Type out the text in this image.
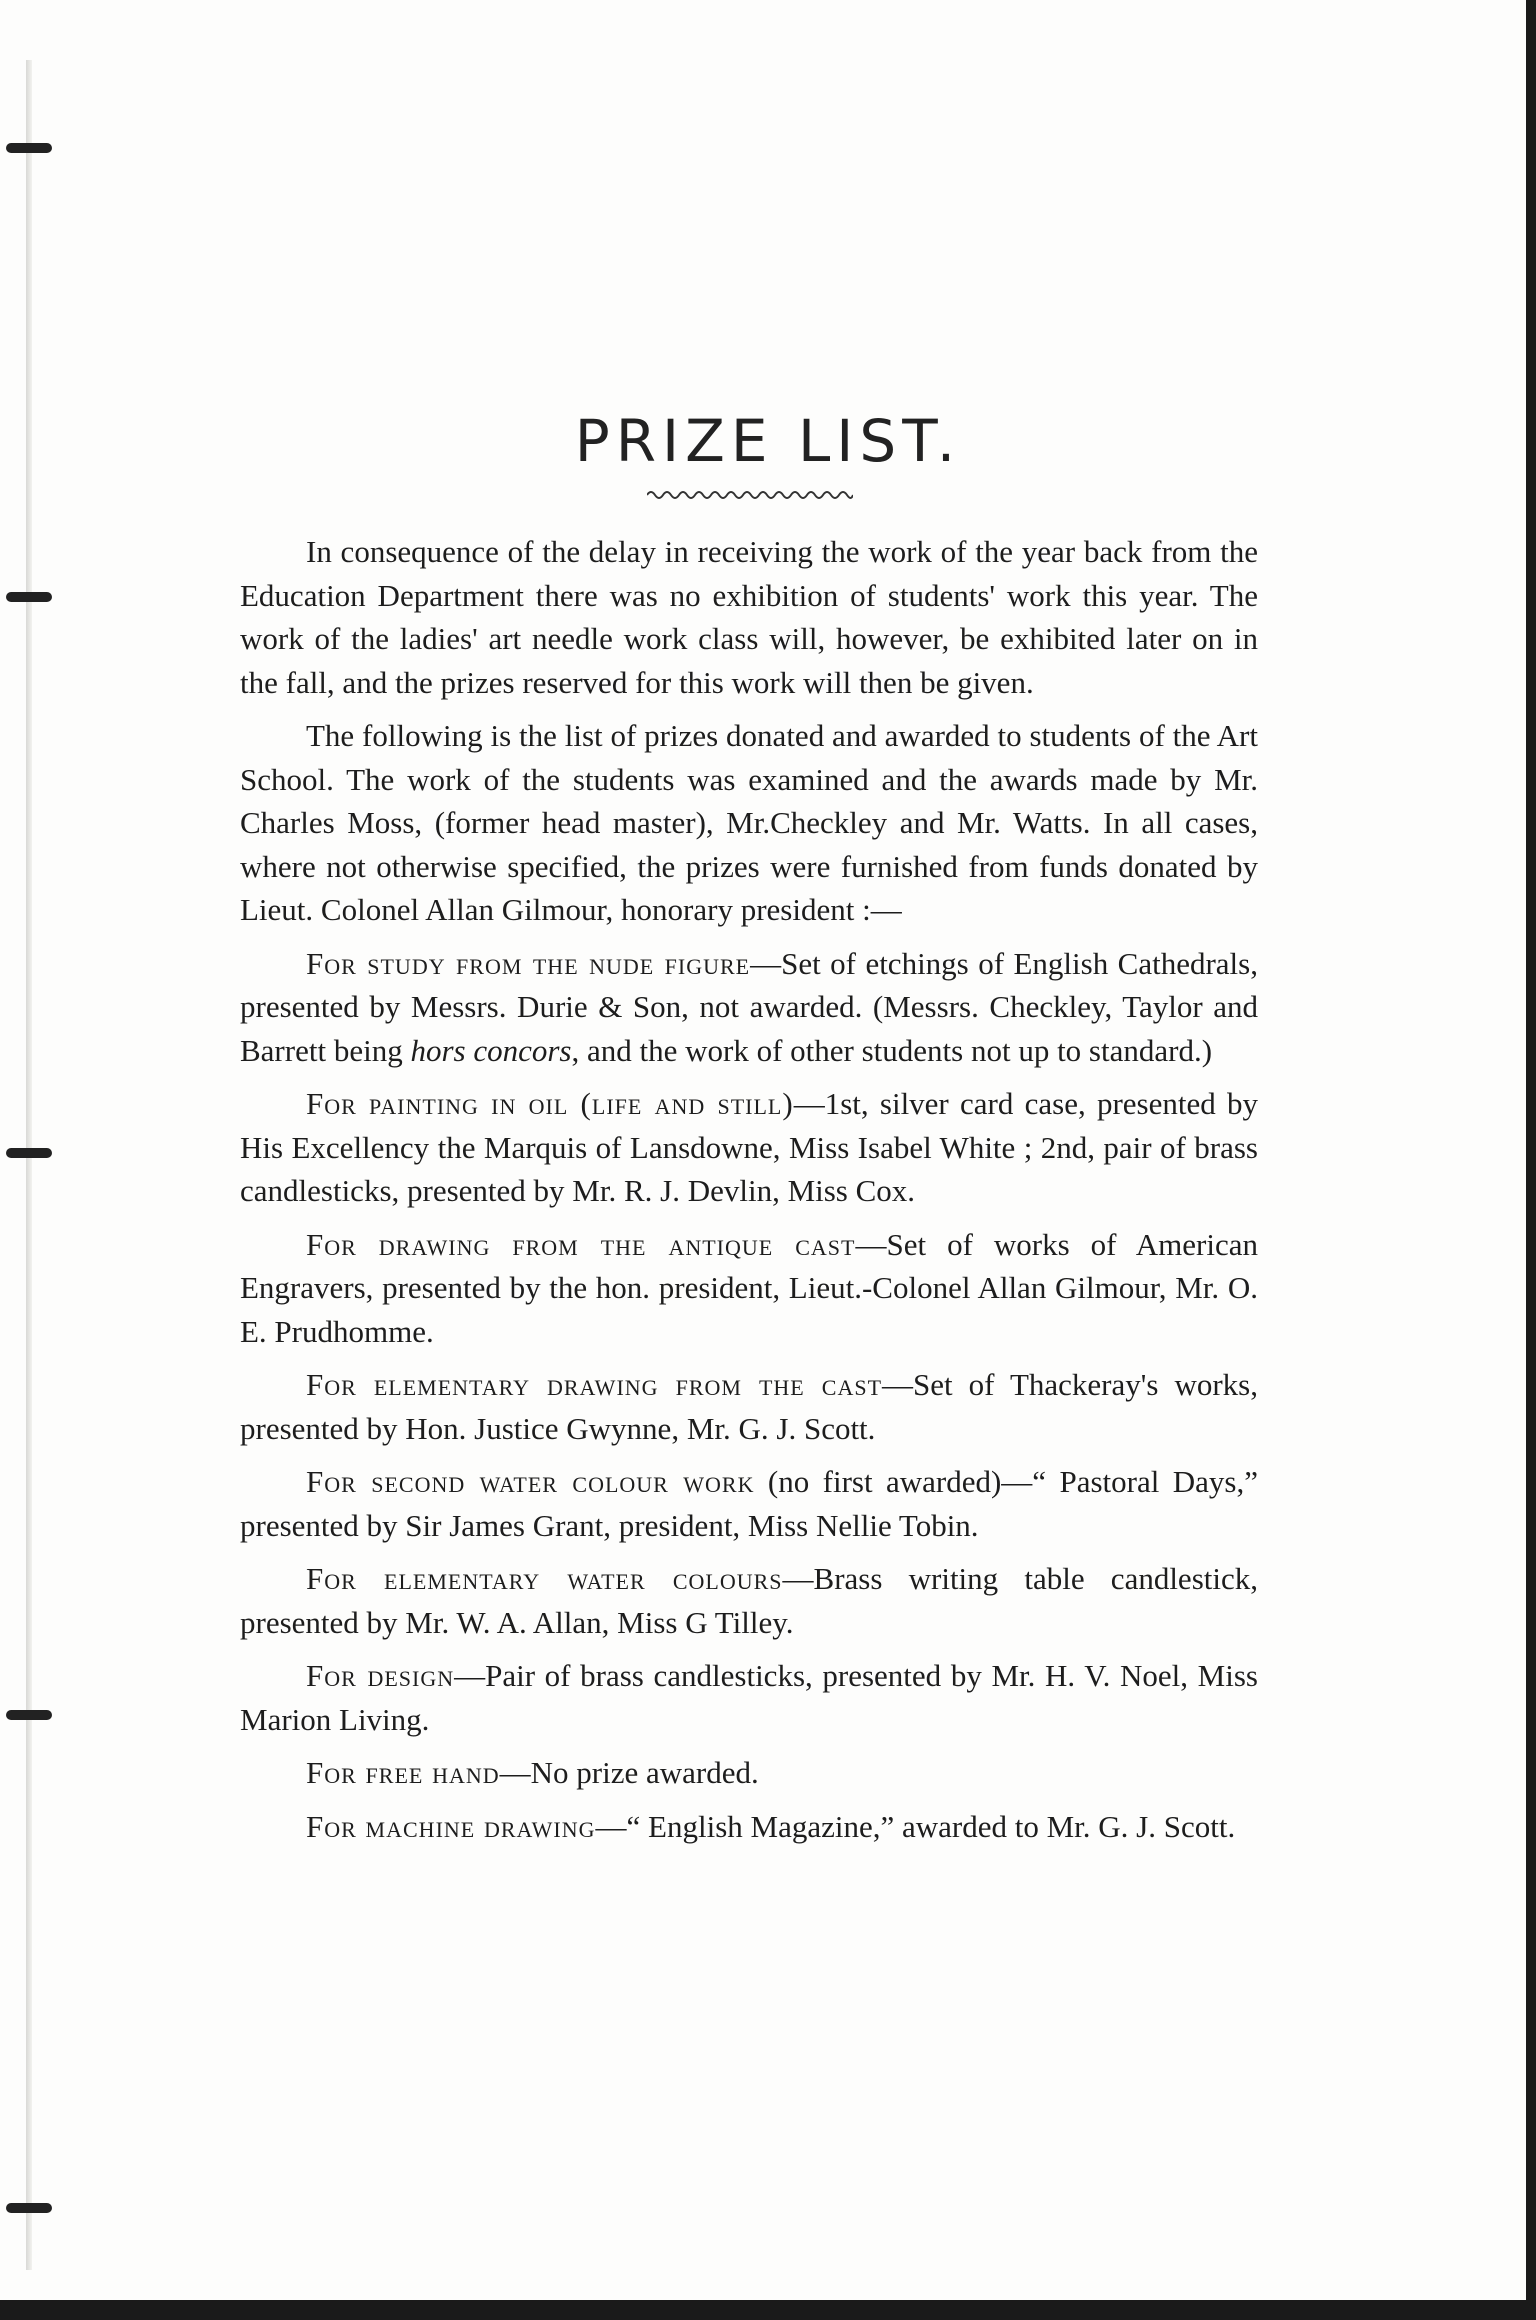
PRIZE LIST.

In consequence of the delay in receiving the work of the year back from the Education Department there was no exhibition of students' work this year. The work of the ladies' art needle work class will, however, be exhibited later on in the fall, and the prizes reserved for this work will then be given.

The following is the list of prizes donated and awarded to students of the Art School. The work of the students was examined and the awards made by Mr. Charles Moss, (former head master), Mr.Checkley and Mr. Watts. In all cases, where not otherwise specified, the prizes were furnished from funds donated by Lieut. Colonel Allan Gilmour, honorary president :—

For study from the nude figure—Set of etchings of English Cathedrals, presented by Messrs. Durie & Son, not awarded. (Messrs. Checkley, Taylor and Barrett being hors concors, and the work of other students not up to standard.)

For painting in oil (life and still)—1st, silver card case, presented by His Excellency the Marquis of Lansdowne, Miss Isabel White ; 2nd, pair of brass candlesticks, presented by Mr. R. J. Devlin, Miss Cox.

For drawing from the antique cast—Set of works of American Engravers, presented by the hon. president, Lieut.-Colonel Allan Gilmour, Mr. O. E. Prudhomme.

For elementary drawing from the cast—Set of Thackeray's works, presented by Hon. Justice Gwynne, Mr. G. J. Scott.

For second water colour work (no first awarded)—“ Pastoral Days,” presented by Sir James Grant, president, Miss Nellie Tobin.

For elementary water colours—Brass writing table candlestick, presented by Mr. W. A. Allan, Miss G Tilley.

For design—Pair of brass candlesticks, presented by Mr. H. V. Noel, Miss Marion Living.

For free hand—No prize awarded.

For machine drawing—“ English Magazine,” awarded to Mr. G. J. Scott.
